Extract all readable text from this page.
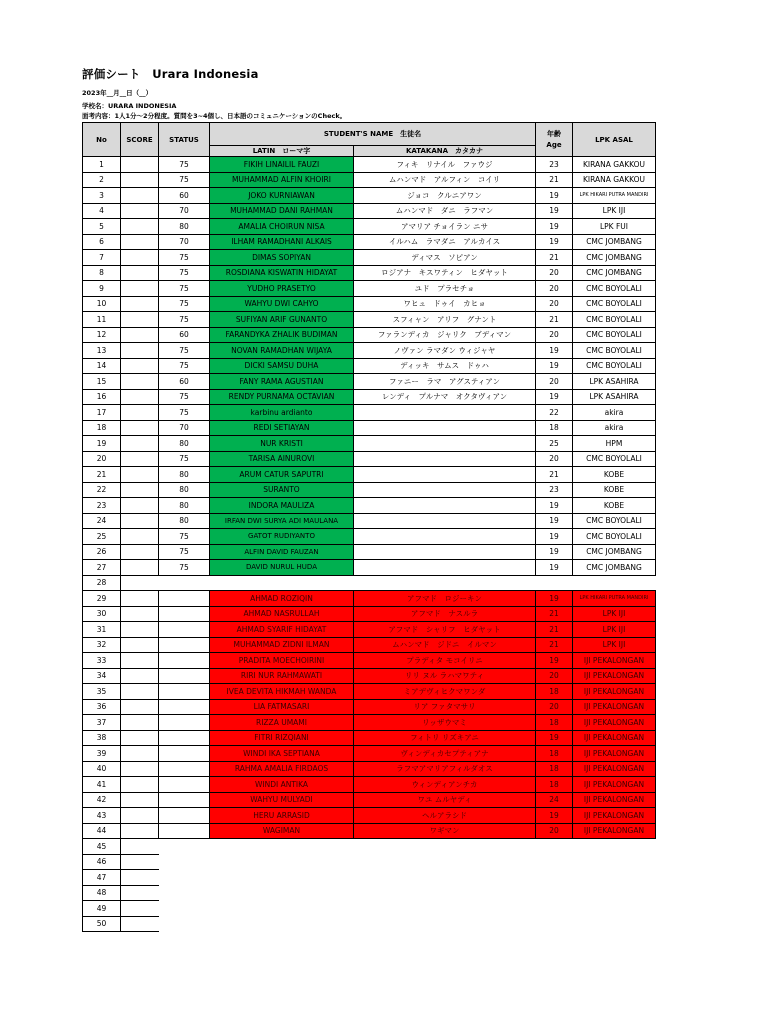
評価シート　Urara Indonesia
2023年__月__日（__）
学校名：URARA INDONESIA
面考内容：1人1分～2分程度。質問を3~4個し、日本語のコミュニケーションのCheck。
No	SCORE	STATUS	STUDENT'S NAME　生徒名		年齢
Age	LPK ASAL
			LATIN　ローマ字	KATAKANA　カタカナ		
1		75	FIKIH LINAILIL FAUZI	フィキ　リナイル　ファウジ	23	KIRANA GAKKOU
2		75	MUHAMMAD ALFIN KHOIRI	ムハンマド　アルフィン　コイリ	21	KIRANA GAKKOU
3		60	JOKO KURNIAWAN	ジョコ　クルニアワン	19	LPK HIKARI PUTRA MANDIRI
4		70	MUHAMMAD DANI RAHMAN	ムハンマド　ダニ　ラフマン	19	LPK IJI
5		80	AMALIA CHOIRUN NISA	アマリア チョイラン ニサ	19	LPK FUI
6		70	ILHAM RAMADHANI ALKAIS	イルハム　ラマダニ　アルカイス	19	CMC JOMBANG
7		75	DIMAS SOPIYAN	ディマス　ソピアン	21	CMC JOMBANG
8		75	ROSDIANA KISWATIN HIDAYAT	ロジアナ　キスワティン　ヒダヤット	20	CMC JOMBANG
9		75	YUDHO PRASETYO	ユド　プラセチョ	20	CMC BOYOLALI
10		75	WAHYU DWI CAHYO	ワヒュ　ドゥイ　カヒョ	20	CMC BOYOLALI
11		75	SUFIYAN ARIF GUNANTO	スフィャン　アリフ　グナント	21	CMC BOYOLALI
12		60	FARANDYKA ZHALIK BUDIMAN	ファランディカ　ジャリク　ブディマン	20	CMC BOYOLALI
13		75	NOVAN RAMADHAN WIJAYA	ノヴァン ラマダン ウィジャヤ	19	CMC BOYOLALI
14		75	DICKI SAMSU DUHA	ディッキ　サムス　ドゥハ	19	CMC BOYOLALI
15		60	FANY RAMA AGUSTIAN	ファニー　ラマ　アグスティアン	20	LPK ASAHIRA
16		75	RENDY PURNAMA OCTAVIAN	レンディ　プルナマ　オクタヴィアン	19	LPK ASAHIRA
17		75	karbinu ardianto		22	akira
18		70	REDI SETIAYAN		18	akira
19		80	NUR KRISTI		25	HPM
20		75	TARISA AINUROVI		20	CMC BOYOLALI
21		80	ARUM CATUR SAPUTRI		21	KOBE
22		80	SURANTO		23	KOBE
23		80	INDORA MAULIZA		19	KOBE
24		80	IRFAN DWI SURYA ADI MAULANA		19	CMC BOYOLALI
25		75	GATOT RUDIYANTO		19	CMC BOYOLALI
26		75	ALFIN DAVID FAUZAN		19	CMC JOMBANG
27		75	DAVID NURUL HUDA		19	CMC JOMBANG
28						
29			AHMAD ROZIQIN	アフマド　ロジーキン	19	LPK HIKARI PUTRA MANDIRI
30			AHMAD NASRULLAH	アフマド　ナスルラ	21	LPK IJI
31			AHMAD SYARIF HIDAYAT	アフマド　シャリフ　ヒダヤット	21	LPK IJI
32			MUHAMMAD ZIDNI ILMAN	ムハンマド　ジドニ　イルマン	21	LPK IJI
33			PRADITA MOECHOIRINI	プラディタ モコイリニ	19	IJI PEKALONGAN
34			RIRI NUR RAHMAWATI	リリ ヌル ラハマワティ	20	IJI PEKALONGAN
35			IVEA DEVITA HIKMAH WANDA	ミアデヴィヒクマワンダ	18	IJI PEKALONGAN
36			LIA FATMASARI	リア ファタマサリ	20	IJI PEKALONGAN
37			RIZZA UMAMI	リッザウマミ	18	IJI PEKALONGAN
38			FITRI RIZQIANI	フィトリ リズキアニ	19	IJI PEKALONGAN
39			WINDI IKA SEPTIANA	ヴィンディカセプティアナ	18	IJI PEKALONGAN
40			RAHMA AMALIA FIRDAOS	ラフマアマリアフィルダオス	18	IJI PEKALONGAN
41			WINDI ANTIKA	ウィンディアンチカ	18	IJI PEKALONGAN
42			WAHYU MULYADI	ワユ ムルヤディ	24	IJI PEKALONGAN
43			HERU ARRASID	ヘルアラシド	19	IJI PEKALONGAN
44			WAGIMAN	ワギマン	20	IJI PEKALONGAN
45						
46						
47						
48						
49						
50						
